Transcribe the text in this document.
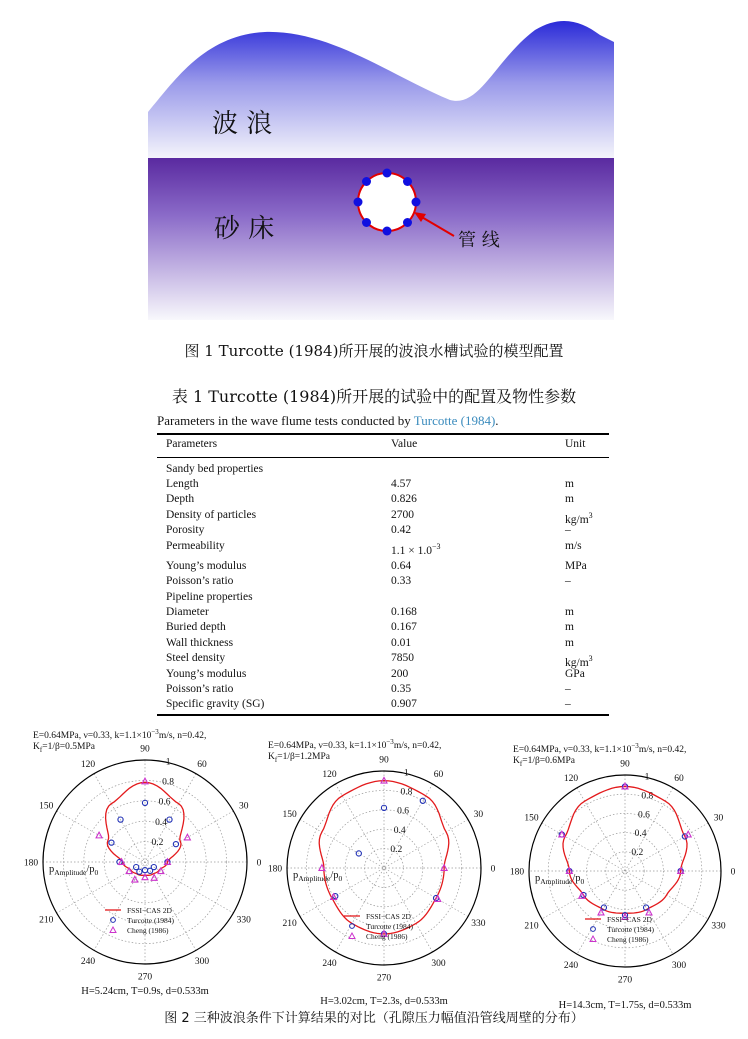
波 浪
砂 床	管 线
图 1 Turcotte (1984)所开展的波浪水槽试验的模型配置
表 1 Turcotte (1984)所开展的试验中的配置及物性参数
Parameters in the wave flume tests conducted by Turcotte (1984).
Parameters	Value	Unit
Sandy bed properties
Length	4.57	m
Depth	0.826	m
Density of particles	2700	$kg/m^3$
Porosity	0.42	–
Permeability	$1.1 \times 1.0^{-3}$	m/s
Young’s modulus	0.64	MPa
Poisson’s ratio	0.33	–
Pipeline properties
Diameter	0.168	m
Buried depth	0.167	m
Wall thickness	0.01	m
Steel density	7850	$kg/m^3$
Young’s modulus	200	GPa
Poisson’s ratio	0.35	–
Specific gravity (SG)	0.907	–
E=0.64MPa, ν=0.33, $k=1.1\times 10^{-3}m/s$, n=0.42,
$K_f=1/\beta=0.5MPa$
0.2
0.4
0.6
0.8
1
0
30
60
90
120
150
180
210
240
270
300
330
$p_{Amplitude}/p_0$
FSSI−CAS 2D
Turcotte (1984)
Cheng (1986)
H=5.24cm, T=0.9s, d=0.533m
E=0.64MPa, ν=0.33, $k=1.1\times 10^{-3}m/s$, n=0.42,
$K_f=1/\beta=1.2MPa$
0.2
0.4
0.6
0.8
1
0
30
60
90
120
150
180
210
240
270
300
330
$p_{Amplitude}/p_0$
FSSI−CAS 2D
Turcotte (1984)
Cheng (1986)
H=3.02cm, T=2.3s, d=0.533m
E=0.64MPa, ν=0.33, $k=1.1\times 10^{-3}m/s$, n=0.42,
$K_f=1/\beta=0.6MPa$
0.2
0.4
0.6
0.8
1
0
30
60
90
120
150
180
210
240
270
300
330
$p_{Amplitude}/p_0$
FSSI−CAS 2D
Turcotte (1984)
Cheng (1986)
H=14.3cm, T=1.75s, d=0.533m
图 2 三种波浪条件下计算结果的对比（孔隙压力幅值沿管线周壁的分布）
